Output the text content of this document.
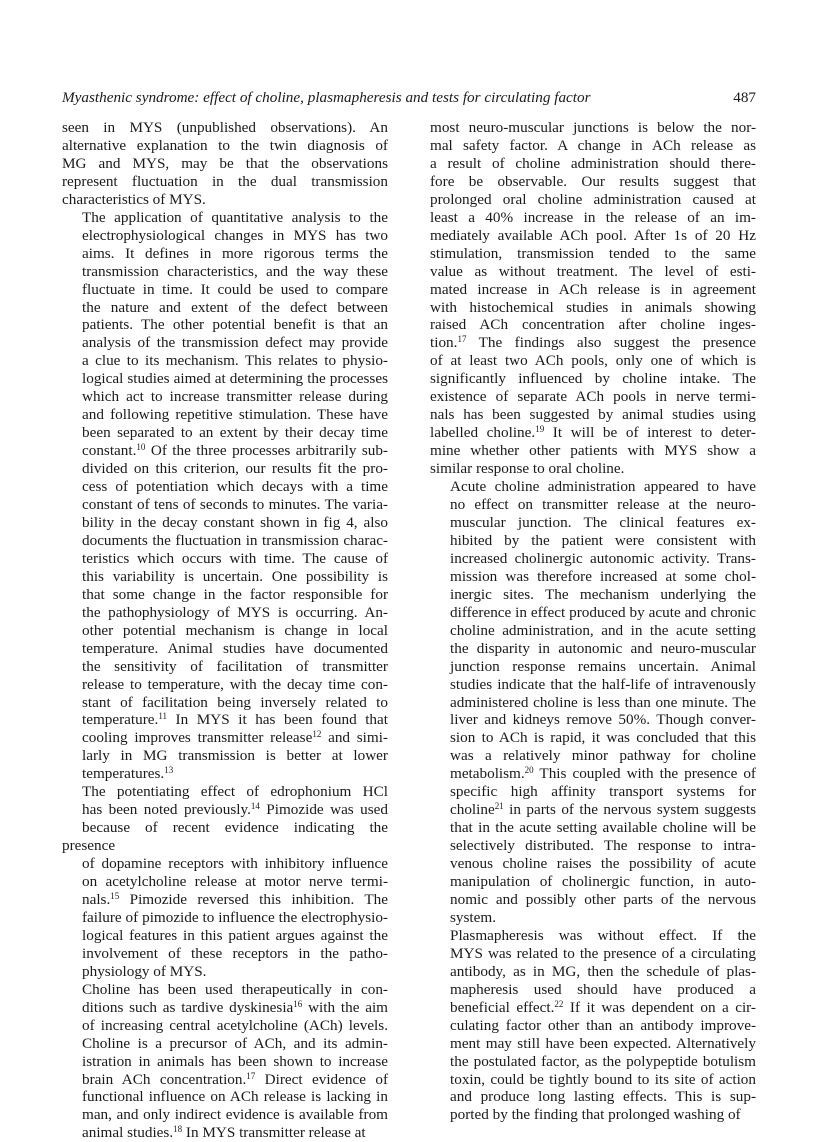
Myasthenic syndrome: effect of choline, plasmapheresis and tests for circulating factor	487

seen in MYS (unpublished observations). An
alternative explanation to the twin diagnosis of
MG and MYS, may be that the observations
represent fluctuation in the dual transmission
characteristics of MYS.

The application of quantitative analysis to the
electrophysiological changes in MYS has two
aims. It defines in more rigorous terms the
transmission characteristics, and the way these
fluctuate in time. It could be used to compare
the nature and extent of the defect between
patients. The other potential benefit is that an
analysis of the transmission defect may provide
a clue to its mechanism. This relates to physio-
logical studies aimed at determining the processes
which act to increase transmitter release during
and following repetitive stimulation. These have
been separated to an extent by their decay time
constant.$^{10}$ Of the three processes arbitrarily sub-
divided on this criterion, our results fit the pro-
cess of potentiation which decays with a time
constant of tens of seconds to minutes. The varia-
bility in the decay constant shown in fig 4, also
documents the fluctuation in transmission charac-
teristics which occurs with time. The cause of
this variability is uncertain. One possibility is
that some change in the factor responsible for
the pathophysiology of MYS is occurring. An-
other potential mechanism is change in local
temperature. Animal studies have documented
the sensitivity of facilitation of transmitter
release to temperature, with the decay time con-
stant of facilitation being inversely related to
temperature.$^{11}$ In MYS it has been found that
cooling improves transmitter release$^{12}$ and simi-
larly in MG transmission is better at lower
temperatures.$^{13}$

The potentiating effect of edrophonium HCl
has been noted previously.$^{14}$ Pimozide was used
because of recent evidence indicating the presence
of dopamine receptors with inhibitory influence
on acetylcholine release at motor nerve termi-
nals.$^{15}$ Pimozide reversed this inhibition. The
failure of pimozide to influence the electrophysio-
logical features in this patient argues against the
involvement of these receptors in the patho-
physiology of MYS.

Choline has been used therapeutically in con-
ditions such as tardive dyskinesia$^{16}$ with the aim
of increasing central acetylcholine (ACh) levels.
Choline is a precursor of ACh, and its admin-
istration in animals has been shown to increase
brain ACh concentration.$^{17}$ Direct evidence of
functional influence on ACh release is lacking in
man, and only indirect evidence is available from
animal studies.$^{18}$ In MYS transmitter release at

most neuro-muscular junctions is below the nor-
mal safety factor. A change in ACh release as
a result of choline administration should there-
fore be observable. Our results suggest that
prolonged oral choline administration caused at
least a 40% increase in the release of an im-
mediately available ACh pool. After 1s of 20 Hz
stimulation, transmission tended to the same
value as without treatment. The level of esti-
mated increase in ACh release is in agreement
with histochemical studies in animals showing
raised ACh concentration after choline inges-
tion.$^{17}$ The findings also suggest the presence
of at least two ACh pools, only one of which is
significantly influenced by choline intake. The
existence of separate ACh pools in nerve termi-
nals has been suggested by animal studies using
labelled choline.$^{19}$ It will be of interest to deter-
mine whether other patients with MYS show a
similar response to oral choline.

Acute choline administration appeared to have
no effect on transmitter release at the neuro-
muscular junction. The clinical features ex-
hibited by the patient were consistent with
increased cholinergic autonomic activity. Trans-
mission was therefore increased at some chol-
inergic sites. The mechanism underlying the
difference in effect produced by acute and chronic
choline administration, and in the acute setting
the disparity in autonomic and neuro-muscular
junction response remains uncertain. Animal
studies indicate that the half-life of intravenously
administered choline is less than one minute. The
liver and kidneys remove 50%. Though conver-
sion to ACh is rapid, it was concluded that this
was a relatively minor pathway for choline
metabolism.$^{20}$ This coupled with the presence of
specific high affinity transport systems for
choline$^{21}$ in parts of the nervous system suggests
that in the acute setting available choline will be
selectively distributed. The response to intra-
venous choline raises the possibility of acute
manipulation of cholinergic function, in auto-
nomic and possibly other parts of the nervous
system.

Plasmapheresis was without effect. If the
MYS was related to the presence of a circulating
antibody, as in MG, then the schedule of plas-
mapheresis used should have produced a
beneficial effect.$^{22}$ If it was dependent on a cir-
culating factor other than an antibody improve-
ment may still have been expected. Alternatively
the postulated factor, as the polypeptide botulism
toxin, could be tightly bound to its site of action
and produce long lasting effects. This is sup-
ported by the finding that prolonged washing of
